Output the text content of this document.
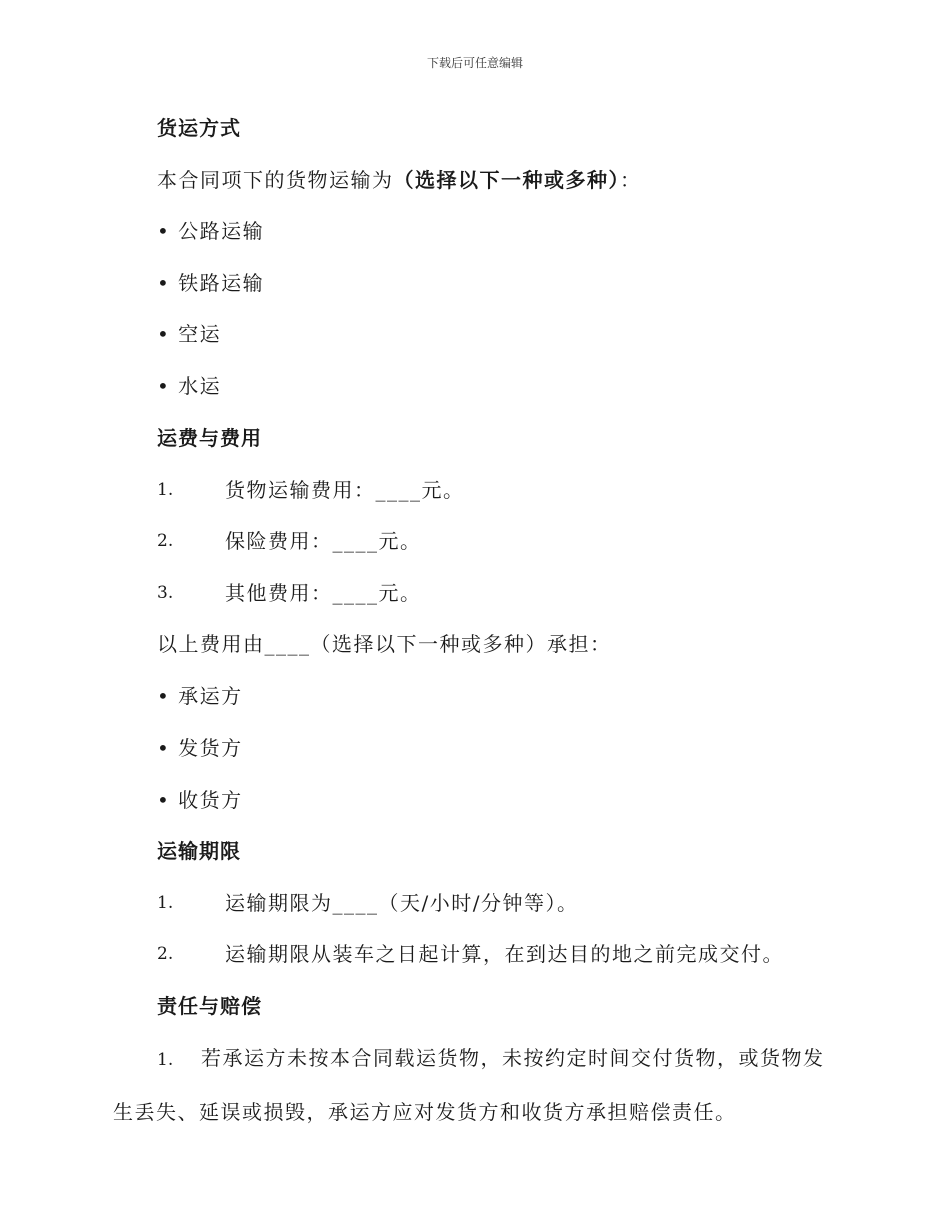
下载后可任意编辑
货运方式
本合同项下的货物运输为（选择以下一种或多种）：
• 公路运输
• 铁路运输
• 空运
• 水运
运费与费用
1.	货物运输费用：____元。
2.	保险费用：____元。
3.	其他费用：____元。
以上费用由____（选择以下一种或多种）承担：
• 承运方
• 发货方
• 收货方
运输期限
1.	运输期限为____（天/小时/分钟等）。
2.	运输期限从装车之日起计算，在到达目的地之前完成交付。
责任与赔偿
1. 若承运方未按本合同载运货物，未按约定时间交付货物，或货物发生丢失、延误或损毁，承运方应对发货方和收货方承担赔偿责任。
